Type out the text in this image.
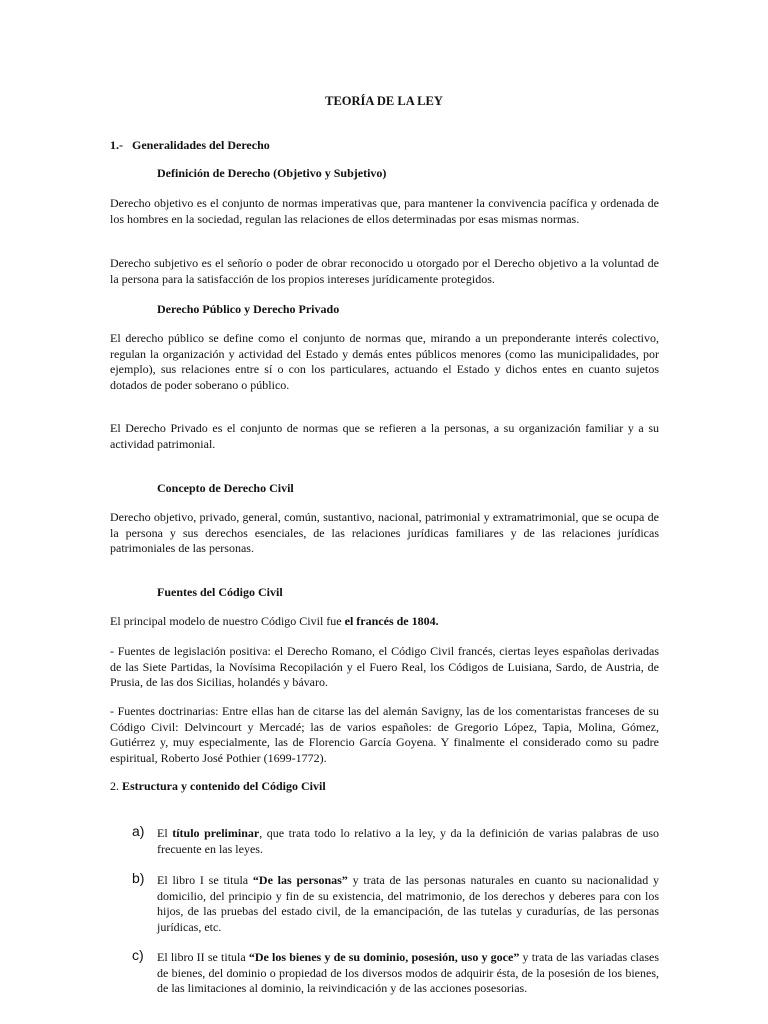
TEORÍA DE LA LEY
1.- Generalidades del Derecho
Definición de Derecho (Objetivo y Subjetivo)

Derecho objetivo es el conjunto de normas imperativas que, para mantener la convivencia pacífica y ordenada de los hombres en la sociedad, regulan las relaciones de ellos determinadas por esas mismas normas.

Derecho subjetivo es el señorío o poder de obrar reconocido u otorgado por el Derecho objetivo a la voluntad de la persona para la satisfacción de los propios intereses jurídicamente protegidos.

Derecho Público y Derecho Privado

El derecho público se define como el conjunto de normas que, mirando a un preponderante interés colectivo, regulan la organización y actividad del Estado y demás entes públicos menores (como las municipalidades, por ejemplo), sus relaciones entre sí o con los particulares, actuando el Estado y dichos entes en cuanto sujetos dotados de poder soberano o público.

El Derecho Privado es el conjunto de normas que se refieren a la personas, a su organización familiar y a su actividad patrimonial.

Concepto de Derecho Civil

Derecho objetivo, privado, general, común, sustantivo, nacional, patrimonial y extramatrimonial, que se ocupa de la persona y sus derechos esenciales, de las relaciones jurídicas familiares y de las relaciones jurídicas patrimoniales de las personas.

Fuentes del Código Civil

El principal modelo de nuestro Código Civil fue el francés de 1804.

- Fuentes de legislación positiva: el Derecho Romano, el Código Civil francés, ciertas leyes españolas derivadas de las Siete Partidas, la Novísima Recopilación y el Fuero Real, los Códigos de Luisiana, Sardo, de Austria, de Prusia, de las dos Sicilias, holandés y bávaro.

- Fuentes doctrinarias: Entre ellas han de citarse las del alemán Savigny, las de los comentaristas franceses de su Código Civil: Delvincourt y Mercadé; las de varios españoles: de Gregorio López, Tapia, Molina, Gómez, Gutiérrez y, muy especialmente, las de Florencio García Goyena. Y finalmente el considerado como su padre espiritual, Roberto José Pothier (1699-1772).

2. Estructura y contenido del Código Civil
a) El título preliminar, que trata todo lo relativo a la ley, y da la definición de varias palabras de uso frecuente en las leyes.
b) El libro I se titula “De las personas” y trata de las personas naturales en cuanto su nacionalidad y domicilio, del principio y fin de su existencia, del matrimonio, de los derechos y deberes para con los hijos, de las pruebas del estado civil, de la emancipación, de las tutelas y curadurías, de las personas jurídicas, etc.
c) El libro II se titula “De los bienes y de su dominio, posesión, uso y goce” y trata de las variadas clases de bienes, del dominio o propiedad de los diversos modos de adquirir ésta, de la posesión de los bienes, de las limitaciones al dominio, la reivindicación y de las acciones posesorias.
